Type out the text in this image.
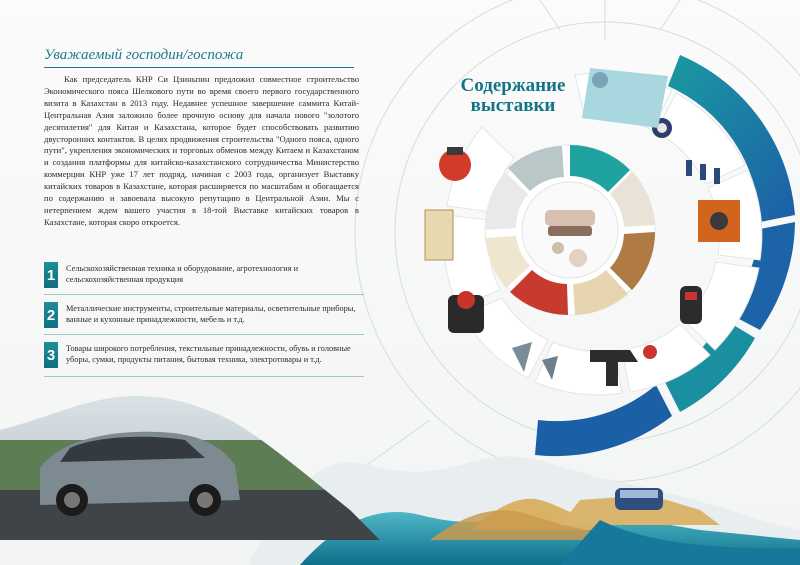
Уважаемый господин/госпожа

Как председатель КНР Си Цзиньпин предложил совместное строительство Экономического пояса Шелкового пути во время своего первого государственного визита в Казахстан в 2013 году. Недавнее успешное завершение саммита Китай-Центральная Азия заложило более прочную основу для начала нового "золотого десятилетия" для Китая и Казахстана, которое будет способствовать развитию двусторонних контактов. В целях продвижения строительства "Одного пояса, одного пути", укрепления экономических и торговых обменов между Китаем и Казахстаном и создания платформы для китайско-казахстанского сотрудничества Министерство коммерции КНР уже 17 лет подряд, начиная с 2003 года, организует Выставку китайских товаров в Казахстане, которая расширяется по масштабам и обогащается по содержанию и завоевала высокую репутацию в Центральной Азии. Мы с нетерпением ждем вашего участия в 18-той Выставке китайских товаров в Казахстане, которая скоро откроется.

1	Сельскохозяйственная техника и оборудование, агротехнология и сельскохозяйственная продукция
2	Металлические инструменты, строительные материалы, осветительные приборы, ванные и кухонные принадлежности, мебель и т.д.
3	Товары широкого потребления, текстильные принадлежности, обувь и головные уборы, сумки, продукты питания, бытовая техника, электротовары и т.д.
Содержание
выставки
